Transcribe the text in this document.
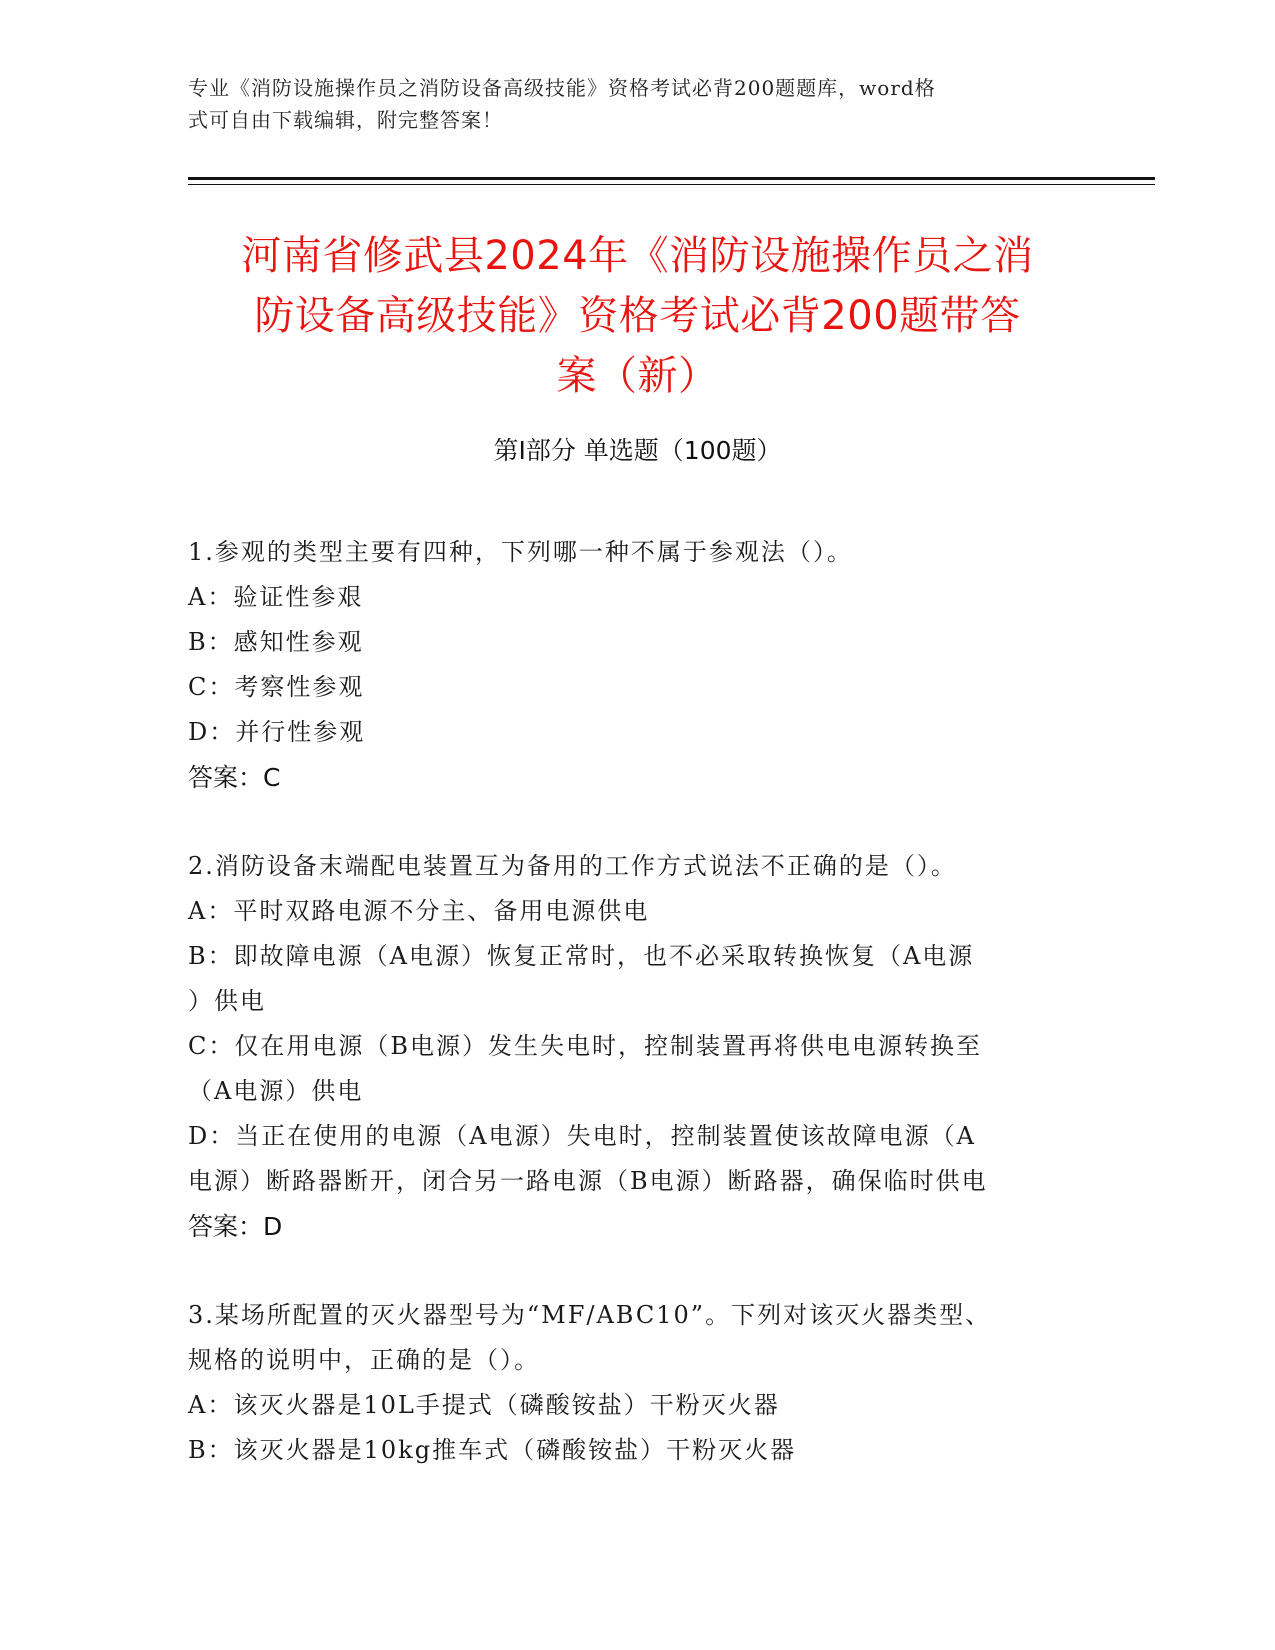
专业《消防设施操作员之消防设备高级技能》资格考试必背200题题库，word格
式可自由下载编辑，附完整答案！
河南省修武县2024年《消防设施操作员之消
防设备高级技能》资格考试必背200题带答
案（新）
第Ⅰ部分 单选题（100题）
1.参观的类型主要有四种，下列哪一种不属于参观法（）。
A：验证性参艰
B：感知性参观
C：考察性参观
D：并行性参观
答案：C
2.消防设备末端配电装置互为备用的工作方式说法不正确的是（）。
A：平时双路电源不分主、备用电源供电
B：即故障电源（A电源）恢复正常时，也不必采取转换恢复（A电源
）供电
C：仅在用电源（B电源）发生失电时，控制装置再将供电电源转换至
（A电源）供电
D：当正在使用的电源（A电源）失电时，控制装置使该故障电源（A
电源）断路器断开，闭合另一路电源（B电源）断路器，确保临时供电
答案：D
3.某场所配置的灭火器型号为“MF/ABC10”。下列对该灭火器类型、
规格的说明中，正确的是（）。
A：该灭火器是10L手提式（磷酸铵盐）干粉灭火器
B：该灭火器是10kg推车式（磷酸铵盐）干粉灭火器
